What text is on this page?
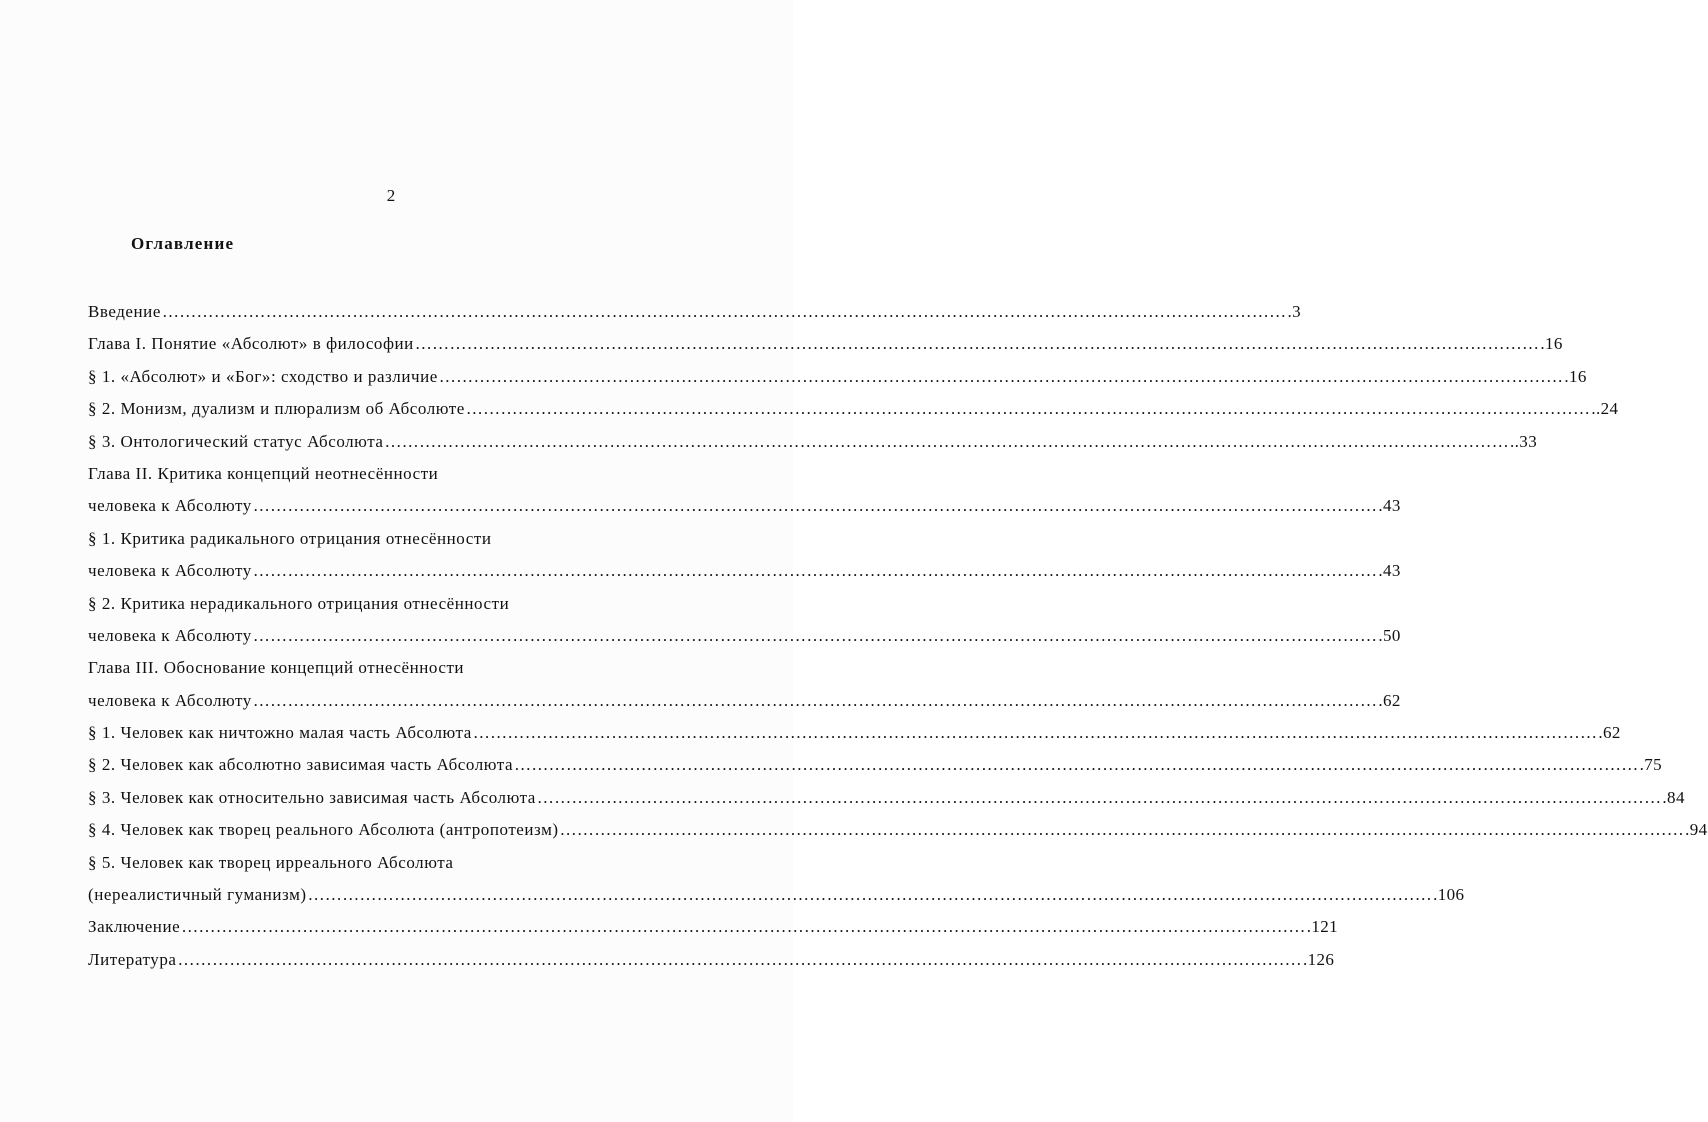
2
Оглавление
Введение …………………………………………………………………………………………………………………………………………………………………………… .3
Глава I. Понятие «Абсолют» в философии …………………………………………………………………………………………………………………………………………………………………………… .16
§ 1. «Абсолют» и «Бог»: сходство и различие …………………………………………………………………………………………………………………………………………………………………………… .16
§ 2. Монизм, дуализм и плюрализм об Абсолюте …………………………………………………………………………………………………………………………………………………………………………… ..24
§ 3. Онтологический статус Абсолюта …………………………………………………………………………………………………………………………………………………………………………… ..33
Глава II. Критика концепций неотнесённости
человека к Абсолюту …………………………………………………………………………………………………………………………………………………………………………… .43
§ 1. Критика радикального отрицания отнесённости
человека к Абсолюту …………………………………………………………………………………………………………………………………………………………………………… .43
§ 2. Критика нерадикального отрицания отнесённости
человека к Абсолюту …………………………………………………………………………………………………………………………………………………………………………… .50
Глава III. Обоснование концепций отнесённости
человека к Абсолюту …………………………………………………………………………………………………………………………………………………………………………… .62
§ 1. Человек как ничтожно малая часть Абсолюта …………………………………………………………………………………………………………………………………………………………………………… .62
§ 2. Человек как абсолютно зависимая часть Абсолюта …………………………………………………………………………………………………………………………………………………………………………… .75
§ 3. Человек как относительно зависимая часть Абсолюта …………………………………………………………………………………………………………………………………………………………………………… .84
§ 4. Человек как творец реального Абсолюта (антропотеизм) …………………………………………………………………………………………………………………………………………………………………………… .94
§ 5. Человек как творец ирреального Абсолюта
(нереалистичный гуманизм) …………………………………………………………………………………………………………………………………………………………………………… .106
Заключение …………………………………………………………………………………………………………………………………………………………………………… .121
Литература …………………………………………………………………………………………………………………………………………………………………………… .126
